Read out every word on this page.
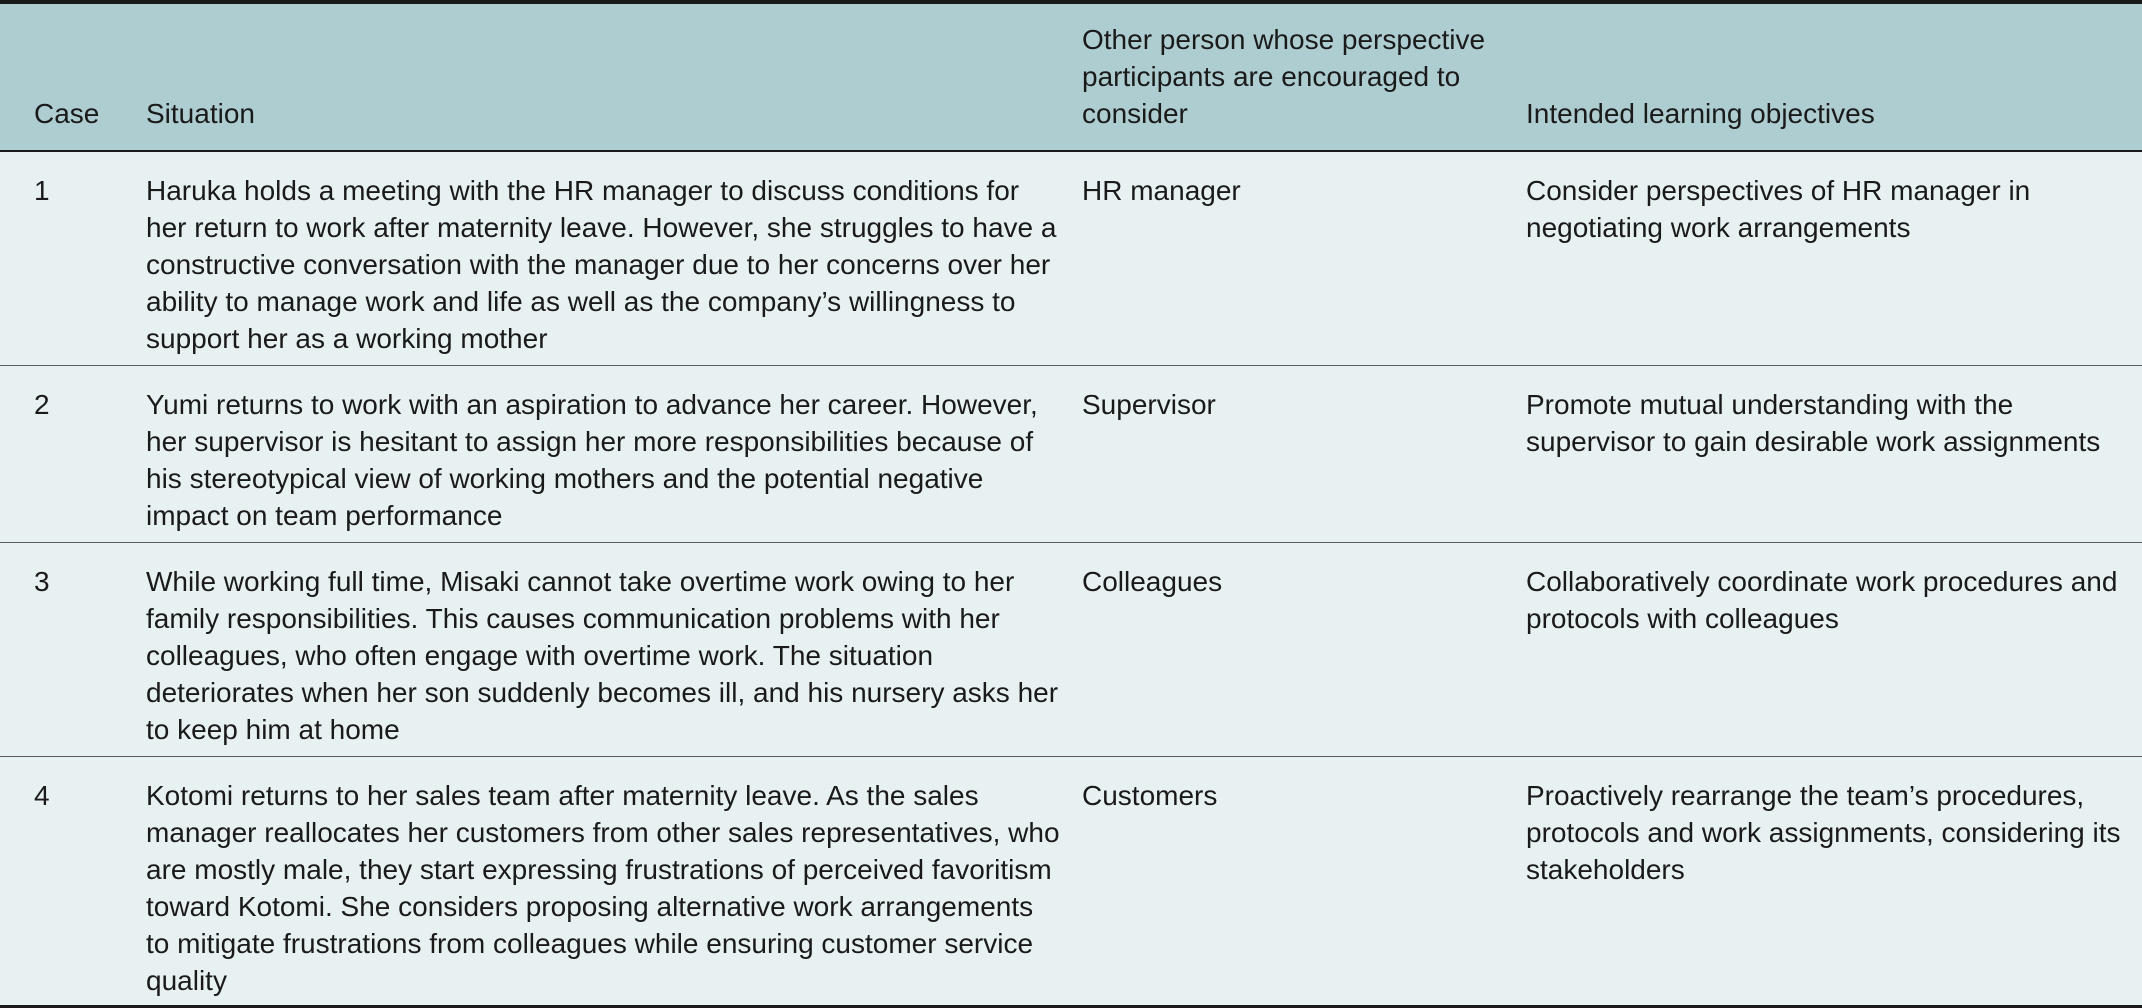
Case	Situation	Other person whose perspective participants are encouraged to consider	Intended learning objectives
1	Haruka holds a meeting with the HR manager to discuss conditions for her return to work after maternity leave. However, she struggles to have a constructive conversation with the manager due to her concerns over her ability to manage work and life as well as the company’s willingness to support her as a working mother	HR manager	Consider perspectives of HR manager in negotiating work arrangements
2	Yumi returns to work with an aspiration to advance her career. However, her supervisor is hesitant to assign her more responsibilities because of his stereotypical view of working mothers and the potential negative impact on team performance	Supervisor	Promote mutual understanding with the supervisor to gain desirable work assignments
3	While working full time, Misaki cannot take overtime work owing to her family responsibilities. This causes communication problems with her colleagues, who often engage with overtime work. The situation deteriorates when her son suddenly becomes ill, and his nursery asks her to keep him at home	Colleagues	Collaboratively coordinate work procedures and protocols with colleagues
4	Kotomi returns to her sales team after maternity leave. As the sales manager reallocates her customers from other sales representatives, who are mostly male, they start expressing frustrations of perceived favoritism toward Kotomi. She considers proposing alternative work arrangements to mitigate frustrations from colleagues while ensuring customer service quality	Customers	Proactively rearrange the team’s procedures, protocols and work assignments, considering its stakeholders
